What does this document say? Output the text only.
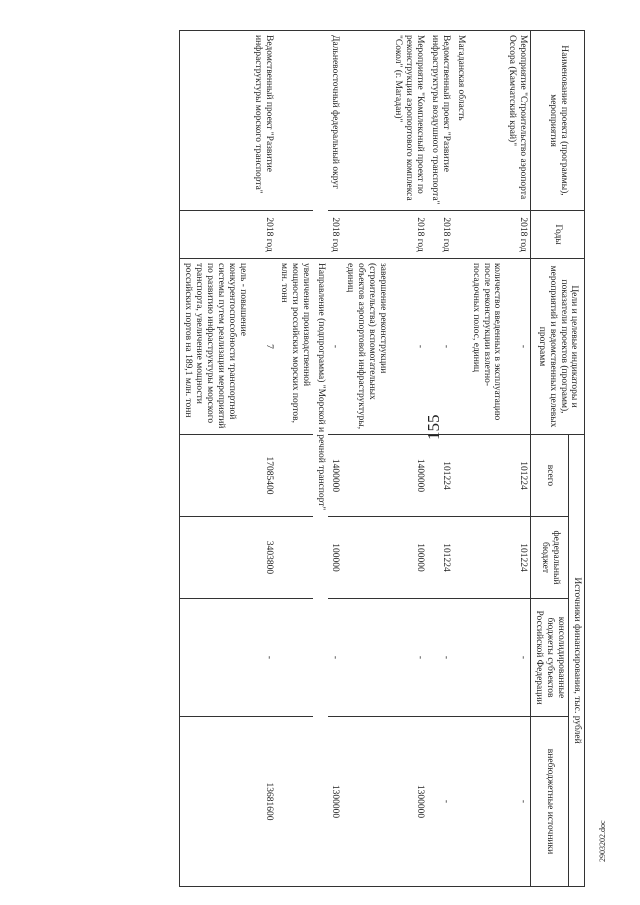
155
2903202.doc
Наименование проекта (программы), мероприятия	Годы	Цели и целевые индикаторы и показатели проектов (программ), мероприятий и ведомственных целевых программ	Источники финансирования, тыс. рублей			
			всего	федеральный бюджет	консолидированные бюджеты субъектов Российской Федерации	внебюджетные источники
Мероприятие "Строительство аэропорта Оссора (Камчатский край)"	2018 год	-	101224	101224	-	-
		количество введенных в эксплуатацию после реконструкции взлетно-посадочных полос, единиц				
Магаданская область						
Ведомственный проект "Развитие инфраструктуры воздушного транспорта"	2018 год	-	101224	101224	-	-
Мероприятие "Комплексный проект по реконструкции аэропортового комплекса "Сокол" (г. Магадан)"	2018 год	-	1400000	100000	-	1300000
		завершение реконструкции (строительства) вспомогательных объектов аэропортовой инфраструктуры, единиц				
Дальневосточный федеральный округ	2018 год	-	1400000	100000	-	1300000
		Направление (подпрограмма) "Морской и речной транспорт"				
		увеличение производственной мощности российских морских портов, млн. тонн				
Ведомственный проект "Развитие инфраструктуры морского транспорта"	2018 год	7	17085400	3403800	-	13681600
		цель - повышение конкурентоспособности транспортной системы путем реализации мероприятий по развитию инфраструктуры морского транспорта, увеличение мощности российских портов на 189,1 млн. тонн				
